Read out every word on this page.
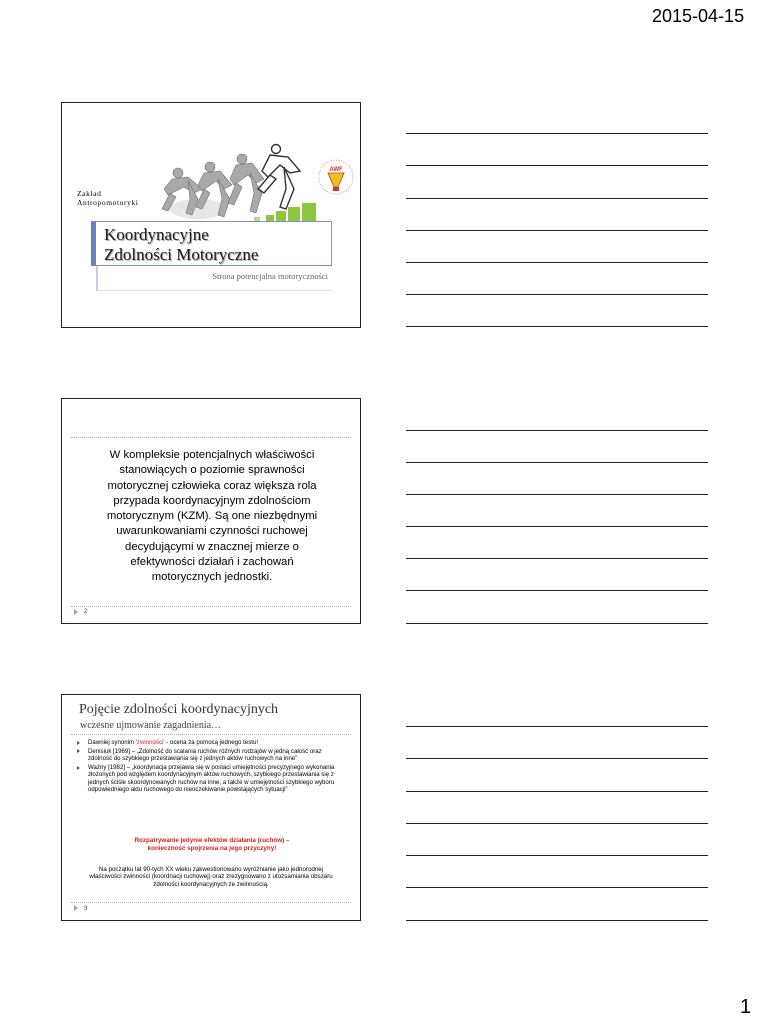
2015-04-15
AWF
Zakład
Antropomotoryki
Koordynacyjne
Zdolności Motoryczne
Strona potencjalna motoryczności
W kompleksie potencjalnych właściwości
stanowiących o poziomie sprawności
motorycznej człowieka coraz większa rola
przypada koordynacyjnym zdolnościom
motorycznym (KZM). Są one niezbędnymi
uwarunkowaniami czynności ruchowej
decydującymi w znacznej mierze o
efektywności działań i zachowań
motorycznych jednostki.
2
Pojęcie zdolności koordynacyjnych
wczesne ujmowanie zagadnienia…
Dawniej synonim 'zwinności' - ocena za pomocą jednego testu!
Denisiuk [1969] – „Zdolność do scalania ruchów różnych rodzajów w jedną całość oraz zdolność do szybkiego przestawiania się z jednych aktów ruchowych na inne”
Ważny [1982] – „koordynacja przejawia się w postaci umiejętności precyzyjnego wykonania złożonych pod względem koordynacyjnym aktów ruchowych, szybkiego przestawiania się z jednych ściśle skoordynowanych ruchów na inne, a także w umiejętności szybkiego wyboru odpowiedniego aktu ruchowego do nieoczekiwanie powstających sytuacji”
Rozpatrywanie jedynie efektów działania (ruchów) –
konieczność spojrzenia na jego przyczyny!
Na początku lat 90-tych XX wieku zakwestionowano wyróżnianie jako jednorodnej właściwości zwinności (koordnacji ruchowej) oraz zrezygnowano z utożsamiania obszaru zdolności koordynacyjnych ze zwinnością.
3
1
